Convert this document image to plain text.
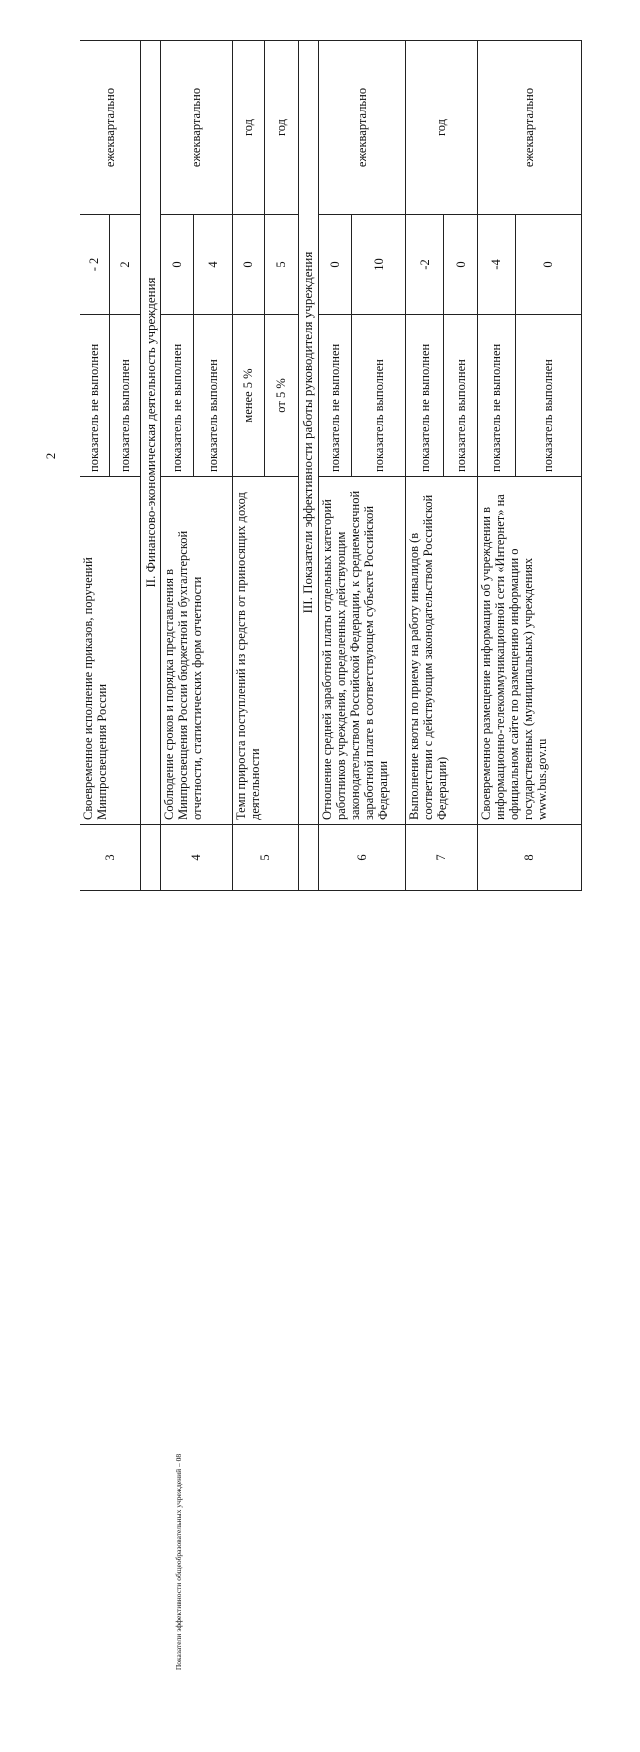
2
Показатели эффективности общеобразовательных учреждений – 08
3	Своевременное исполнение приказов, поручений Минпросвещения России	показатель не выполнен	- 2	ежеквартально
		показатель выполнен	2	
	II. Финансово-экономическая деятельность учреждения			
4	Соблюдение сроков и порядка представления в Минпросвещения России бюджетной и бухгалтерской отчетности, статистических форм отчетности	показатель не выполнен	0	ежеквартально
		показатель выполнен	4	
5	Темп прироста поступлений из средств от приносящих доход деятельности	менее 5 %	0	год
		от 5 %	5	год
	III. Показатели эффективности работы руководителя учреждения			
6	Отношение средней заработной платы отдельных категорий работников учреждения, определенных действующим законодательством Российской Федерации, к среднемесячной заработной плате в соответствующем субъекте Российской Федерации	показатель не выполнен	0	ежеквартально
		показатель выполнен	10	
7	Выполнение квоты по приему на работу инвалидов (в соответствии с действующим законодательством Российской Федерации)	показатель не выполнен	-2	год
		показатель выполнен	0	
8	Своевременное размещение информации об учреждении в информационно-телекоммуникационной сети «Интернет» на официальном сайте по размещению информации о государственных (муниципальных) учреждениях www.bus.gov.ru	показатель не выполнен	-4	ежеквартально
		показатель выполнен	0	
